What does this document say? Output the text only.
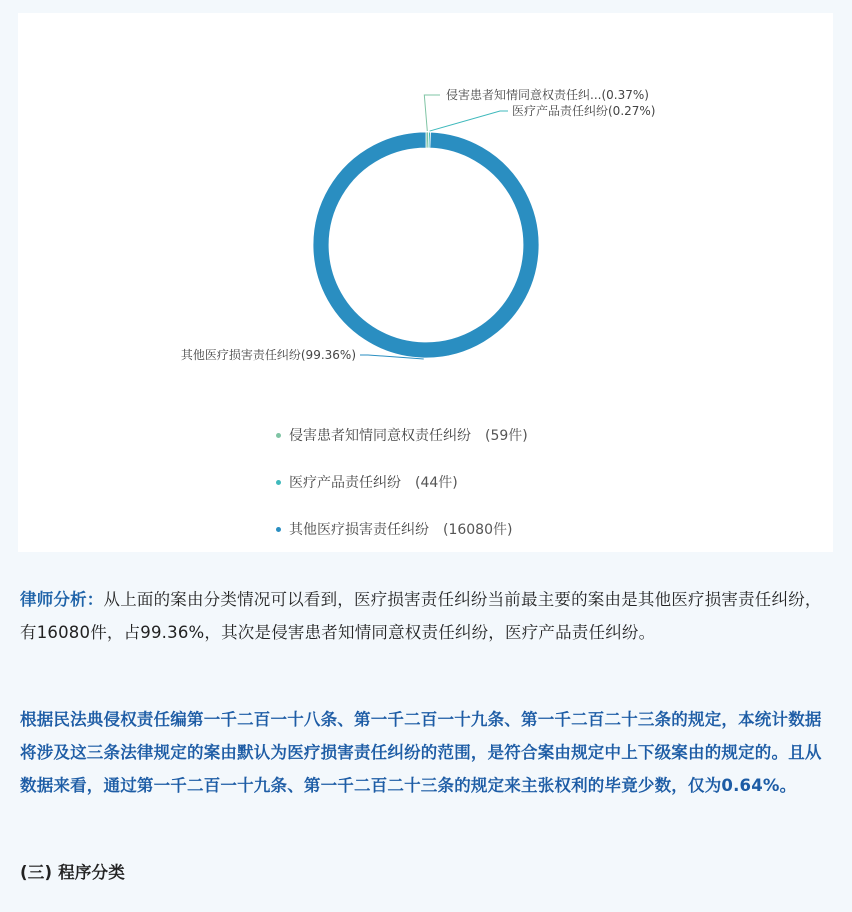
侵害患者知情同意权责任纠...(0.37%)
医疗产品责任纠纷(0.27%)
其他医疗损害责任纠纷(99.36%)
侵害患者知情同意权责任纠纷 (59件)
医疗产品责任纠纷 (44件)
其他医疗损害责任纠纷 (16080件)
律师分析：从上面的案由分类情况可以看到，医疗损害责任纠纷当前最主要的案由是其他医疗损害责任纠纷，有16080件，占99.36%，其次是侵害患者知情同意权责任纠纷，医疗产品责任纠纷。
根据民法典侵权责任编第一千二百一十八条、第一千二百一十九条、第一千二百二十三条的规定，本统计数据将涉及这三条法律规定的案由默认为医疗损害责任纠纷的范围，是符合案由规定中上下级案由的规定的。且从数据来看，通过第一千二百一十九条、第一千二百二十三条的规定来主张权利的毕竟少数，仅为0.64%。
(三) 程序分类
